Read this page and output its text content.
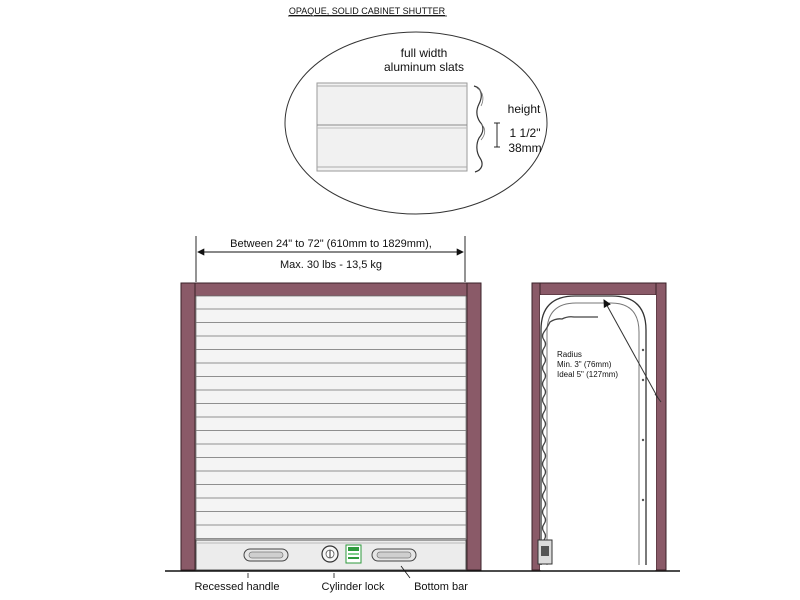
OPAQUE, SOLID CABINET SHUTTER
full width
aluminum slats
height
1 1/2"
38mm
Between 24" to 72" (610mm to 1829mm),
Max. 30 lbs - 13,5 kg
Recessed handle	Cylinder lock	Bottom bar
Radius
Min. 3" (76mm)
Ideal 5" (127mm)
